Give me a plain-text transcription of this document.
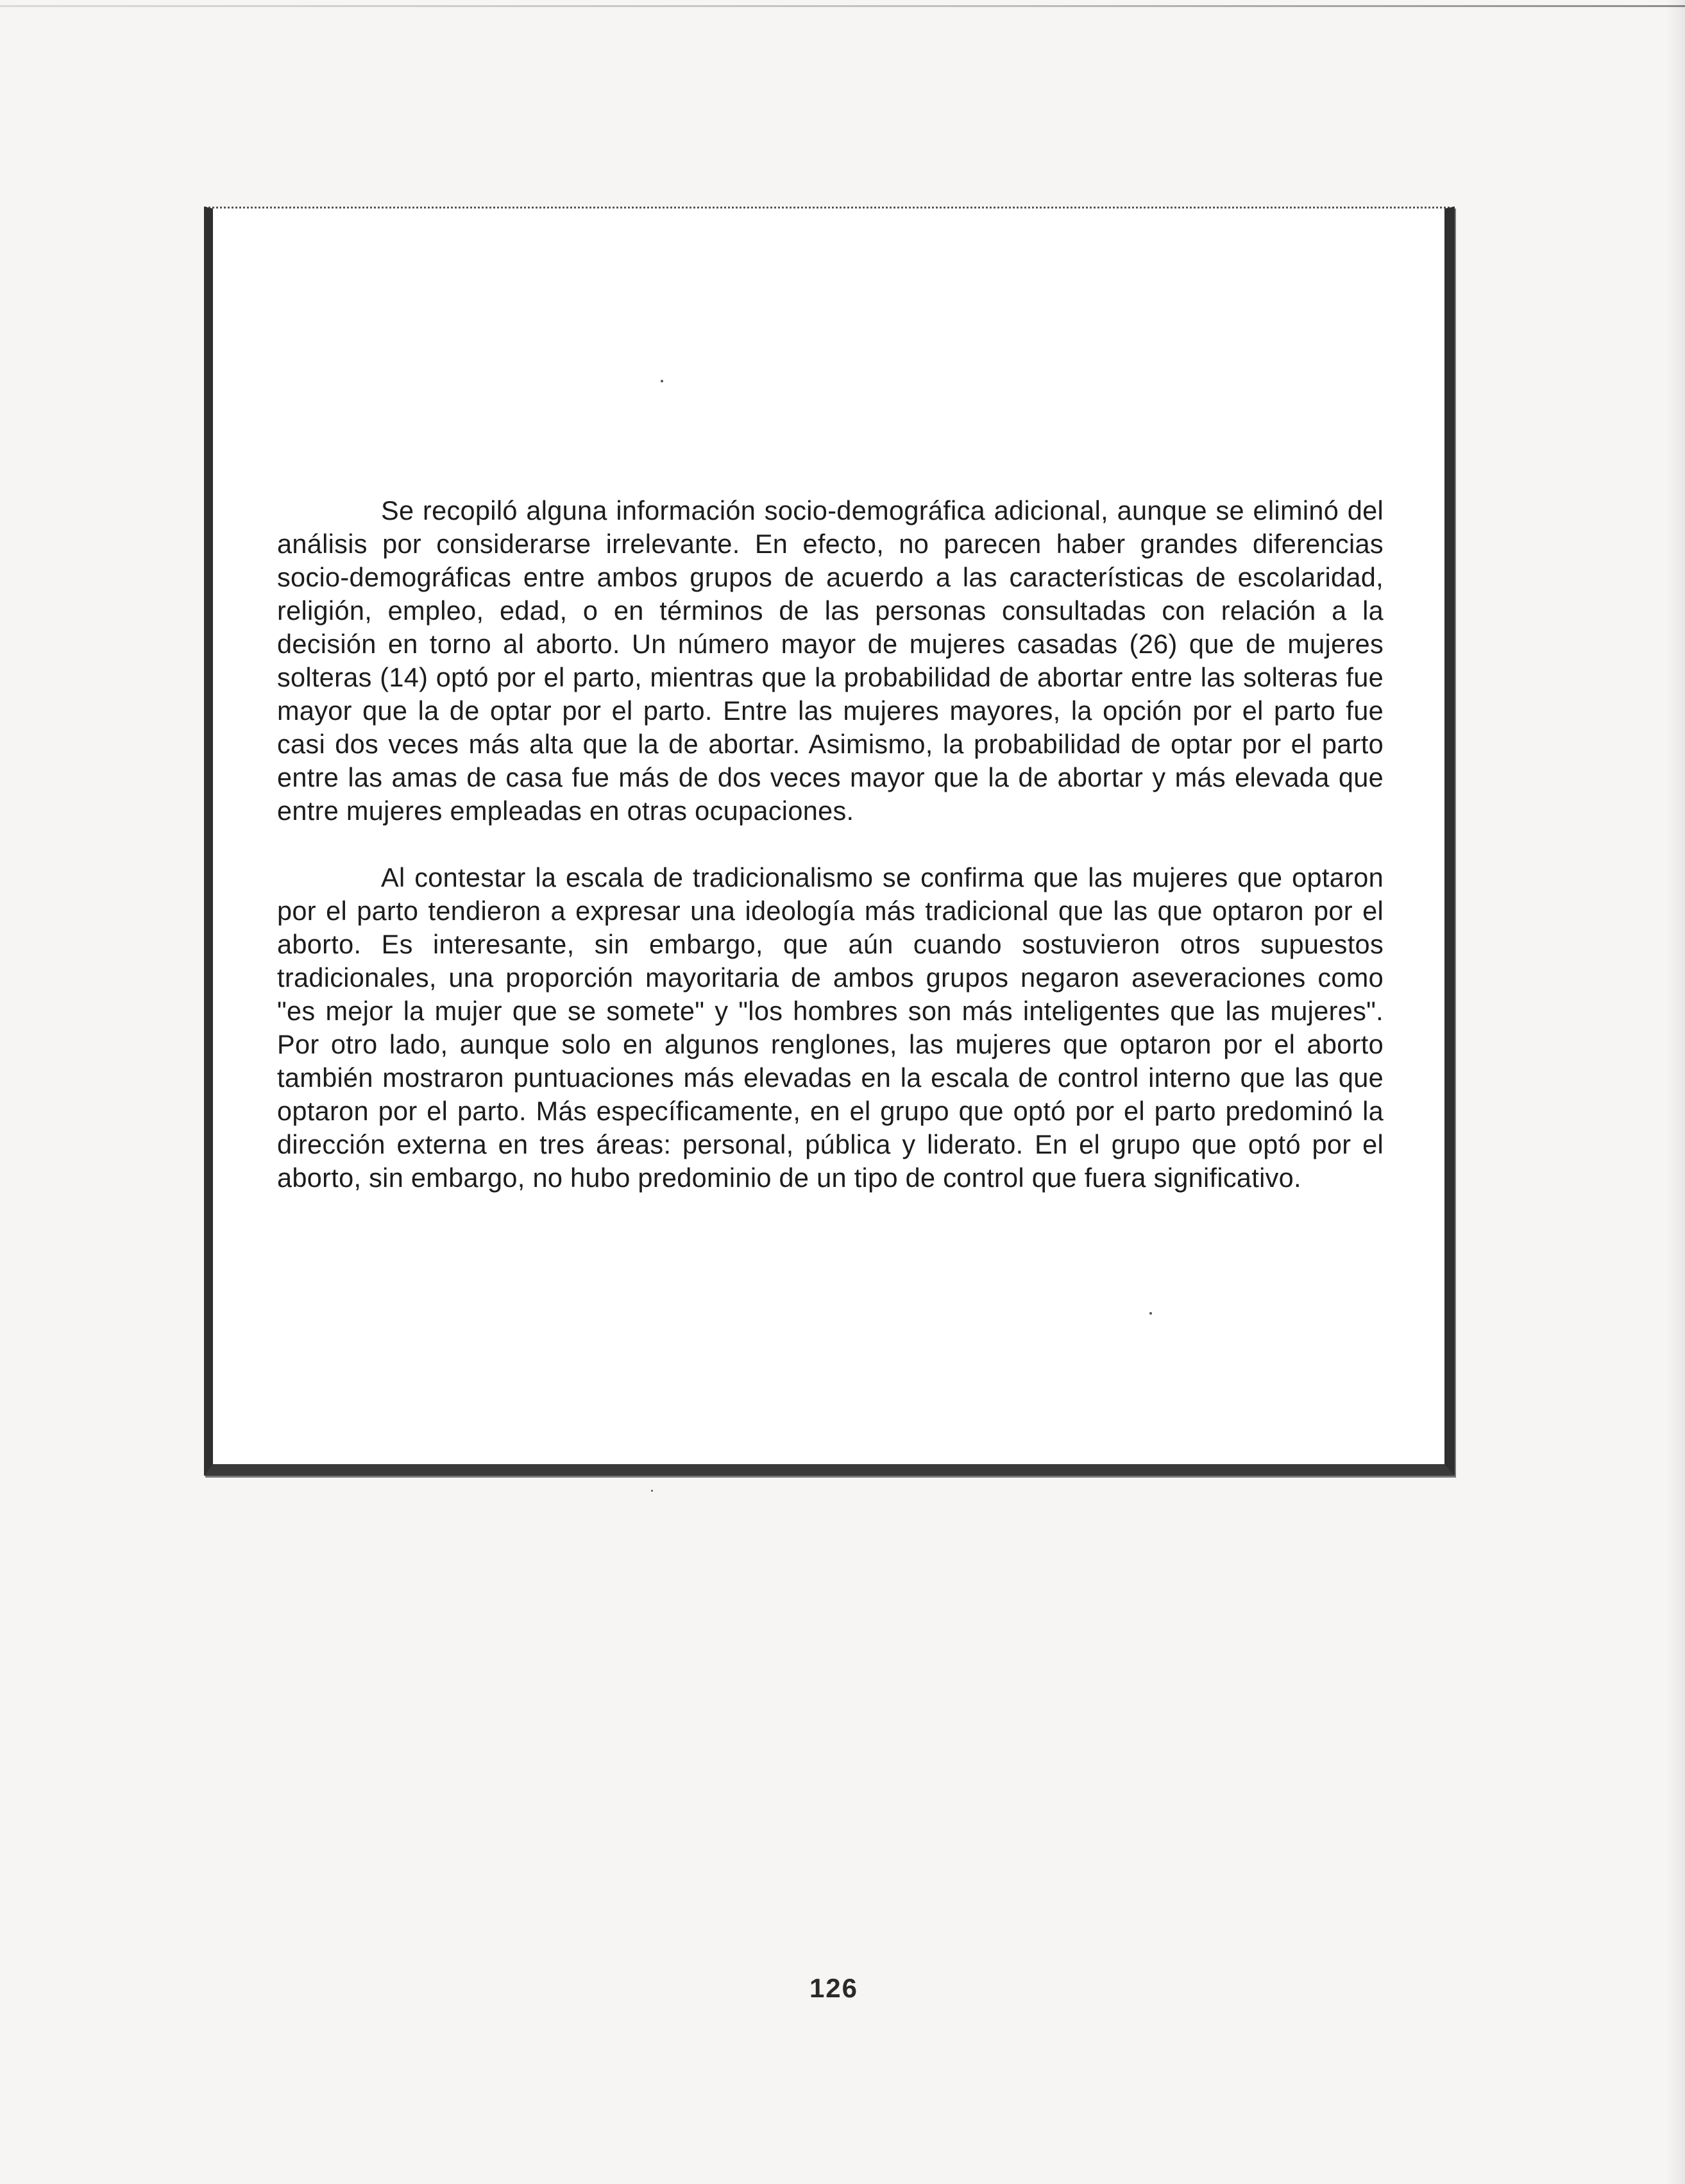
Se recopiló alguna información socio-demográfica adicional, aunque se eliminó del análisis por considerarse irrelevante. En efecto, no parecen haber grandes diferencias socio-demográficas entre ambos grupos de acuerdo a las características de escolaridad, religión, empleo, edad, o en términos de las personas consultadas con relación a la decisión en torno al aborto. Un número mayor de mujeres casadas (26) que de mujeres solteras (14) optó por el parto, mientras que la probabilidad de abortar entre las solteras fue mayor que la de optar por el parto. Entre las mujeres mayores, la opción por el parto fue casi dos veces más alta que la de abortar. Asimismo, la probabilidad de optar por el parto entre las amas de casa fue más de dos veces mayor que la de abortar y más elevada que entre mujeres empleadas en otras ocupaciones.

Al contestar la escala de tradicionalismo se confirma que las mujeres que optaron por el parto tendieron a expresar una ideología más tradicional que las que optaron por el aborto. Es interesante, sin embargo, que aún cuando sostuvieron otros supuestos tradicionales, una proporción mayoritaria de ambos grupos negaron aseveraciones como "es mejor la mujer que se somete" y "los hombres son más inteligentes que las mujeres". Por otro lado, aunque solo en algunos renglones, las mujeres que optaron por el aborto también mostraron puntuaciones más elevadas en la escala de control interno que las que optaron por el parto. Más específicamente, en el grupo que optó por el parto predominó la dirección externa en tres áreas: personal, pública y liderato. En el grupo que optó por el aborto, sin embargo, no hubo predominio de un tipo de control que fuera significativo.

126
